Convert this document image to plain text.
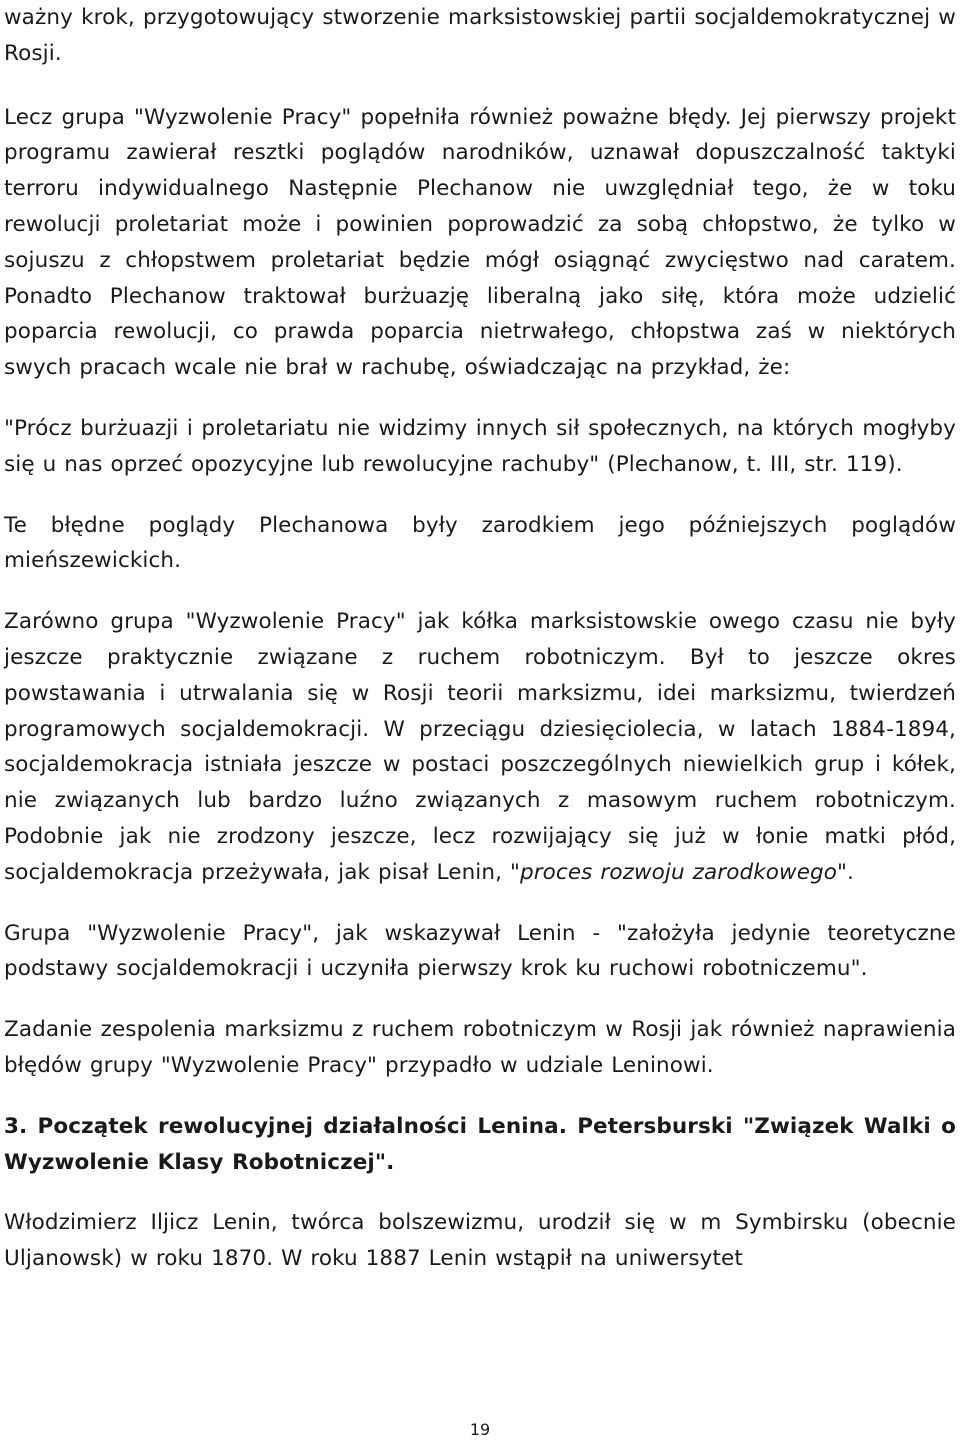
ważny krok, przygotowujący stworzenie marksistowskiej partii socjaldemokratycznej w Rosji.

Lecz grupa "Wyzwolenie Pracy" popełniła również poważne błędy. Jej pierwszy projekt programu zawierał resztki poglądów narodników, uznawał dopuszczalność taktyki terroru indywidualnego Następnie Plechanow nie uwzględniał tego, że w toku rewolucji proletariat może i powinien poprowadzić za sobą chłopstwo, że tylko w sojuszu z chłopstwem proletariat będzie mógł osiągnąć zwycięstwo nad caratem. Ponadto Plechanow traktował burżuazję liberalną jako siłę, która może udzielić poparcia rewolucji, co prawda poparcia nietrwałego, chłopstwa zaś w niektórych swych pracach wcale nie brał w rachubę, oświadczając na przykład, że:

"Prócz burżuazji i proletariatu nie widzimy innych sił społecznych, na których mogłyby się u nas oprzeć opozycyjne lub rewolucyjne rachuby" (Plechanow, t. III, str. 119).

Te błędne poglądy Plechanowa były zarodkiem jego późniejszych poglądów mieńszewickich.

Zarówno grupa "Wyzwolenie Pracy" jak kółka marksistowskie owego czasu nie były jeszcze praktycznie związane z ruchem robotniczym. Był to jeszcze okres powstawania i utrwalania się w Rosji teorii marksizmu, idei marksizmu, twierdzeń programowych socjaldemokracji. W przeciągu dziesięciolecia, w latach 1884-1894, socjaldemokracja istniała jeszcze w postaci poszczególnych niewielkich grup i kółek, nie związanych lub bardzo luźno związanych z masowym ruchem robotniczym. Podobnie jak nie zrodzony jeszcze, lecz rozwijający się już w łonie matki płód, socjaldemokracja przeżywała, jak pisał Lenin, "proces rozwoju zarodkowego".

Grupa "Wyzwolenie Pracy", jak wskazywał Lenin - "założyła jedynie teoretyczne podstawy socjaldemokracji i uczyniła pierwszy krok ku ruchowi robotniczemu".

Zadanie zespolenia marksizmu z ruchem robotniczym w Rosji jak również naprawienia błędów grupy "Wyzwolenie Pracy" przypadło w udziale Leninowi.

3. Początek rewolucyjnej działalności Lenina. Petersburski "Związek Walki o Wyzwolenie Klasy Robotniczej".

Włodzimierz Iljicz Lenin, twórca bolszewizmu, urodził się w m Symbirsku (obecnie Uljanowsk) w roku 1870. W roku 1887 Lenin wstąpił na uniwersytet

19
